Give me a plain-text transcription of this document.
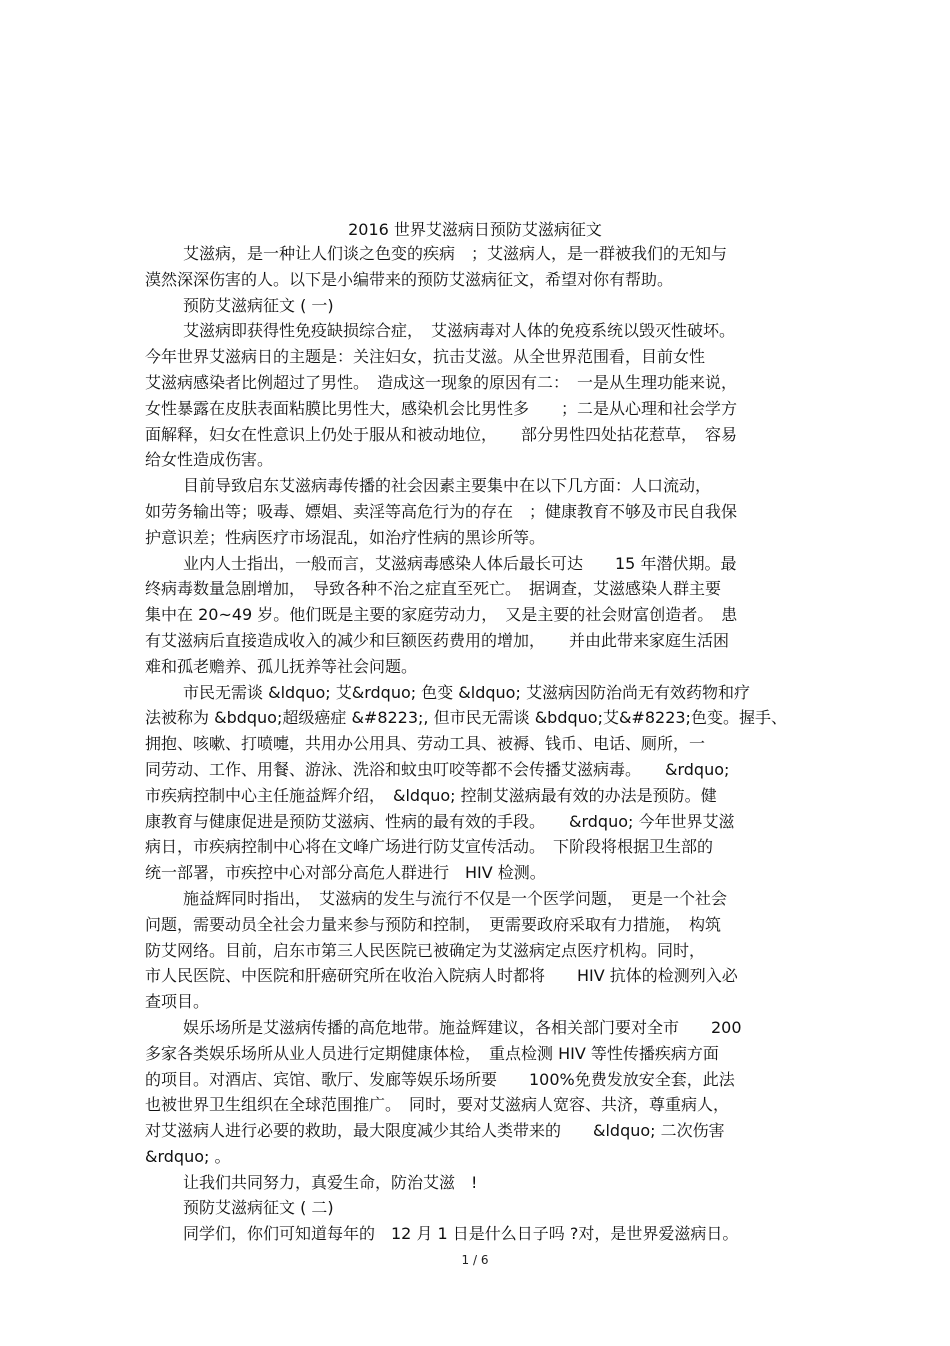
2016 世界艾滋病日预防艾滋病征文
艾滋病，是一种让人们谈之色变的疾病　；艾滋病人，是一群被我们的无知与
漠然深深伤害的人。以下是小编带来的预防艾滋病征文，希望对你有帮助。
预防艾滋病征文 ( 一)
艾滋病即获得性免疫缺损综合症，　艾滋病毒对人体的免疫系统以毁灭性破坏。
今年世界艾滋病日的主题是：关注妇女，抗击艾滋。从全世界范围看，目前女性
艾滋病感染者比例超过了男性。　造成这一现象的原因有二：　一是从生理功能来说，
女性暴露在皮肤表面粘膜比男性大，感染机会比男性多　　；二是从心理和社会学方
面解释，妇女在性意识上仍处于服从和被动地位，　　部分男性四处拈花惹草，　容易
给女性造成伤害。
目前导致启东艾滋病毒传播的社会因素主要集中在以下几方面：人口流动，
如劳务输出等；吸毒、嫖娼、卖淫等高危行为的存在　；健康教育不够及市民自我保
护意识差；性病医疗市场混乱，如治疗性病的黑诊所等。
业内人士指出，一般而言，艾滋病毒感染人体后最长可达　　15 年潜伏期。最
终病毒数量急剧增加，　导致各种不治之症直至死亡。　据调查，艾滋感染人群主要
集中在 20~49 岁。他们既是主要的家庭劳动力，　又是主要的社会财富创造者。　患
有艾滋病后直接造成收入的减少和巨额医药费用的增加，　　并由此带来家庭生活困
难和孤老赡养、孤儿抚养等社会问题。
市民无需谈 &ldquo; 艾&rdquo; 色变 &ldquo; 艾滋病因防治尚无有效药物和疗
法被称为 &bdquo;超级癌症 &#8223;, 但市民无需谈 &bdquo;艾&#8223;色变。握手、
拥抱、咳嗽、打喷嚏，共用办公用具、劳动工具、被褥、钱币、电话、厕所，一
同劳动、工作、用餐、游泳、洗浴和蚊虫叮咬等都不会传播艾滋病毒。　　&rdquo;
市疾病控制中心主任施益辉介绍，　&ldquo; 控制艾滋病最有效的办法是预防。健
康教育与健康促进是预防艾滋病、性病的最有效的手段。　　&rdquo; 今年世界艾滋
病日，市疾病控制中心将在文峰广场进行防艾宣传活动。　下阶段将根据卫生部的
统一部署，市疾控中心对部分高危人群进行　HIV 检测。
施益辉同时指出，　艾滋病的发生与流行不仅是一个医学问题，　更是一个社会
问题，需要动员全社会力量来参与预防和控制，　更需要政府采取有力措施，　构筑
防艾网络。目前，启东市第三人民医院已被确定为艾滋病定点医疗机构。同时，
市人民医院、中医院和肝癌研究所在收治入院病人时都将　　HIV 抗体的检测列入必
查项目。
娱乐场所是艾滋病传播的高危地带。施益辉建议，各相关部门要对全市　　200
多家各类娱乐场所从业人员进行定期健康体检，　重点检测 HIV 等性传播疾病方面
的项目。对酒店、宾馆、歌厅、发廊等娱乐场所要　　100%免费发放安全套，此法
也被世界卫生组织在全球范围推广。　同时，要对艾滋病人宽容、共济，尊重病人，
对艾滋病人进行必要的救助，最大限度减少其给人类带来的　　&ldquo; 二次伤害
&rdquo; 。
让我们共同努力，真爱生命，防治艾滋　!
预防艾滋病征文 ( 二)
同学们，你们可知道每年的　12 月 1 日是什么日子吗 ?对，是世界爱滋病日。
1 / 6
